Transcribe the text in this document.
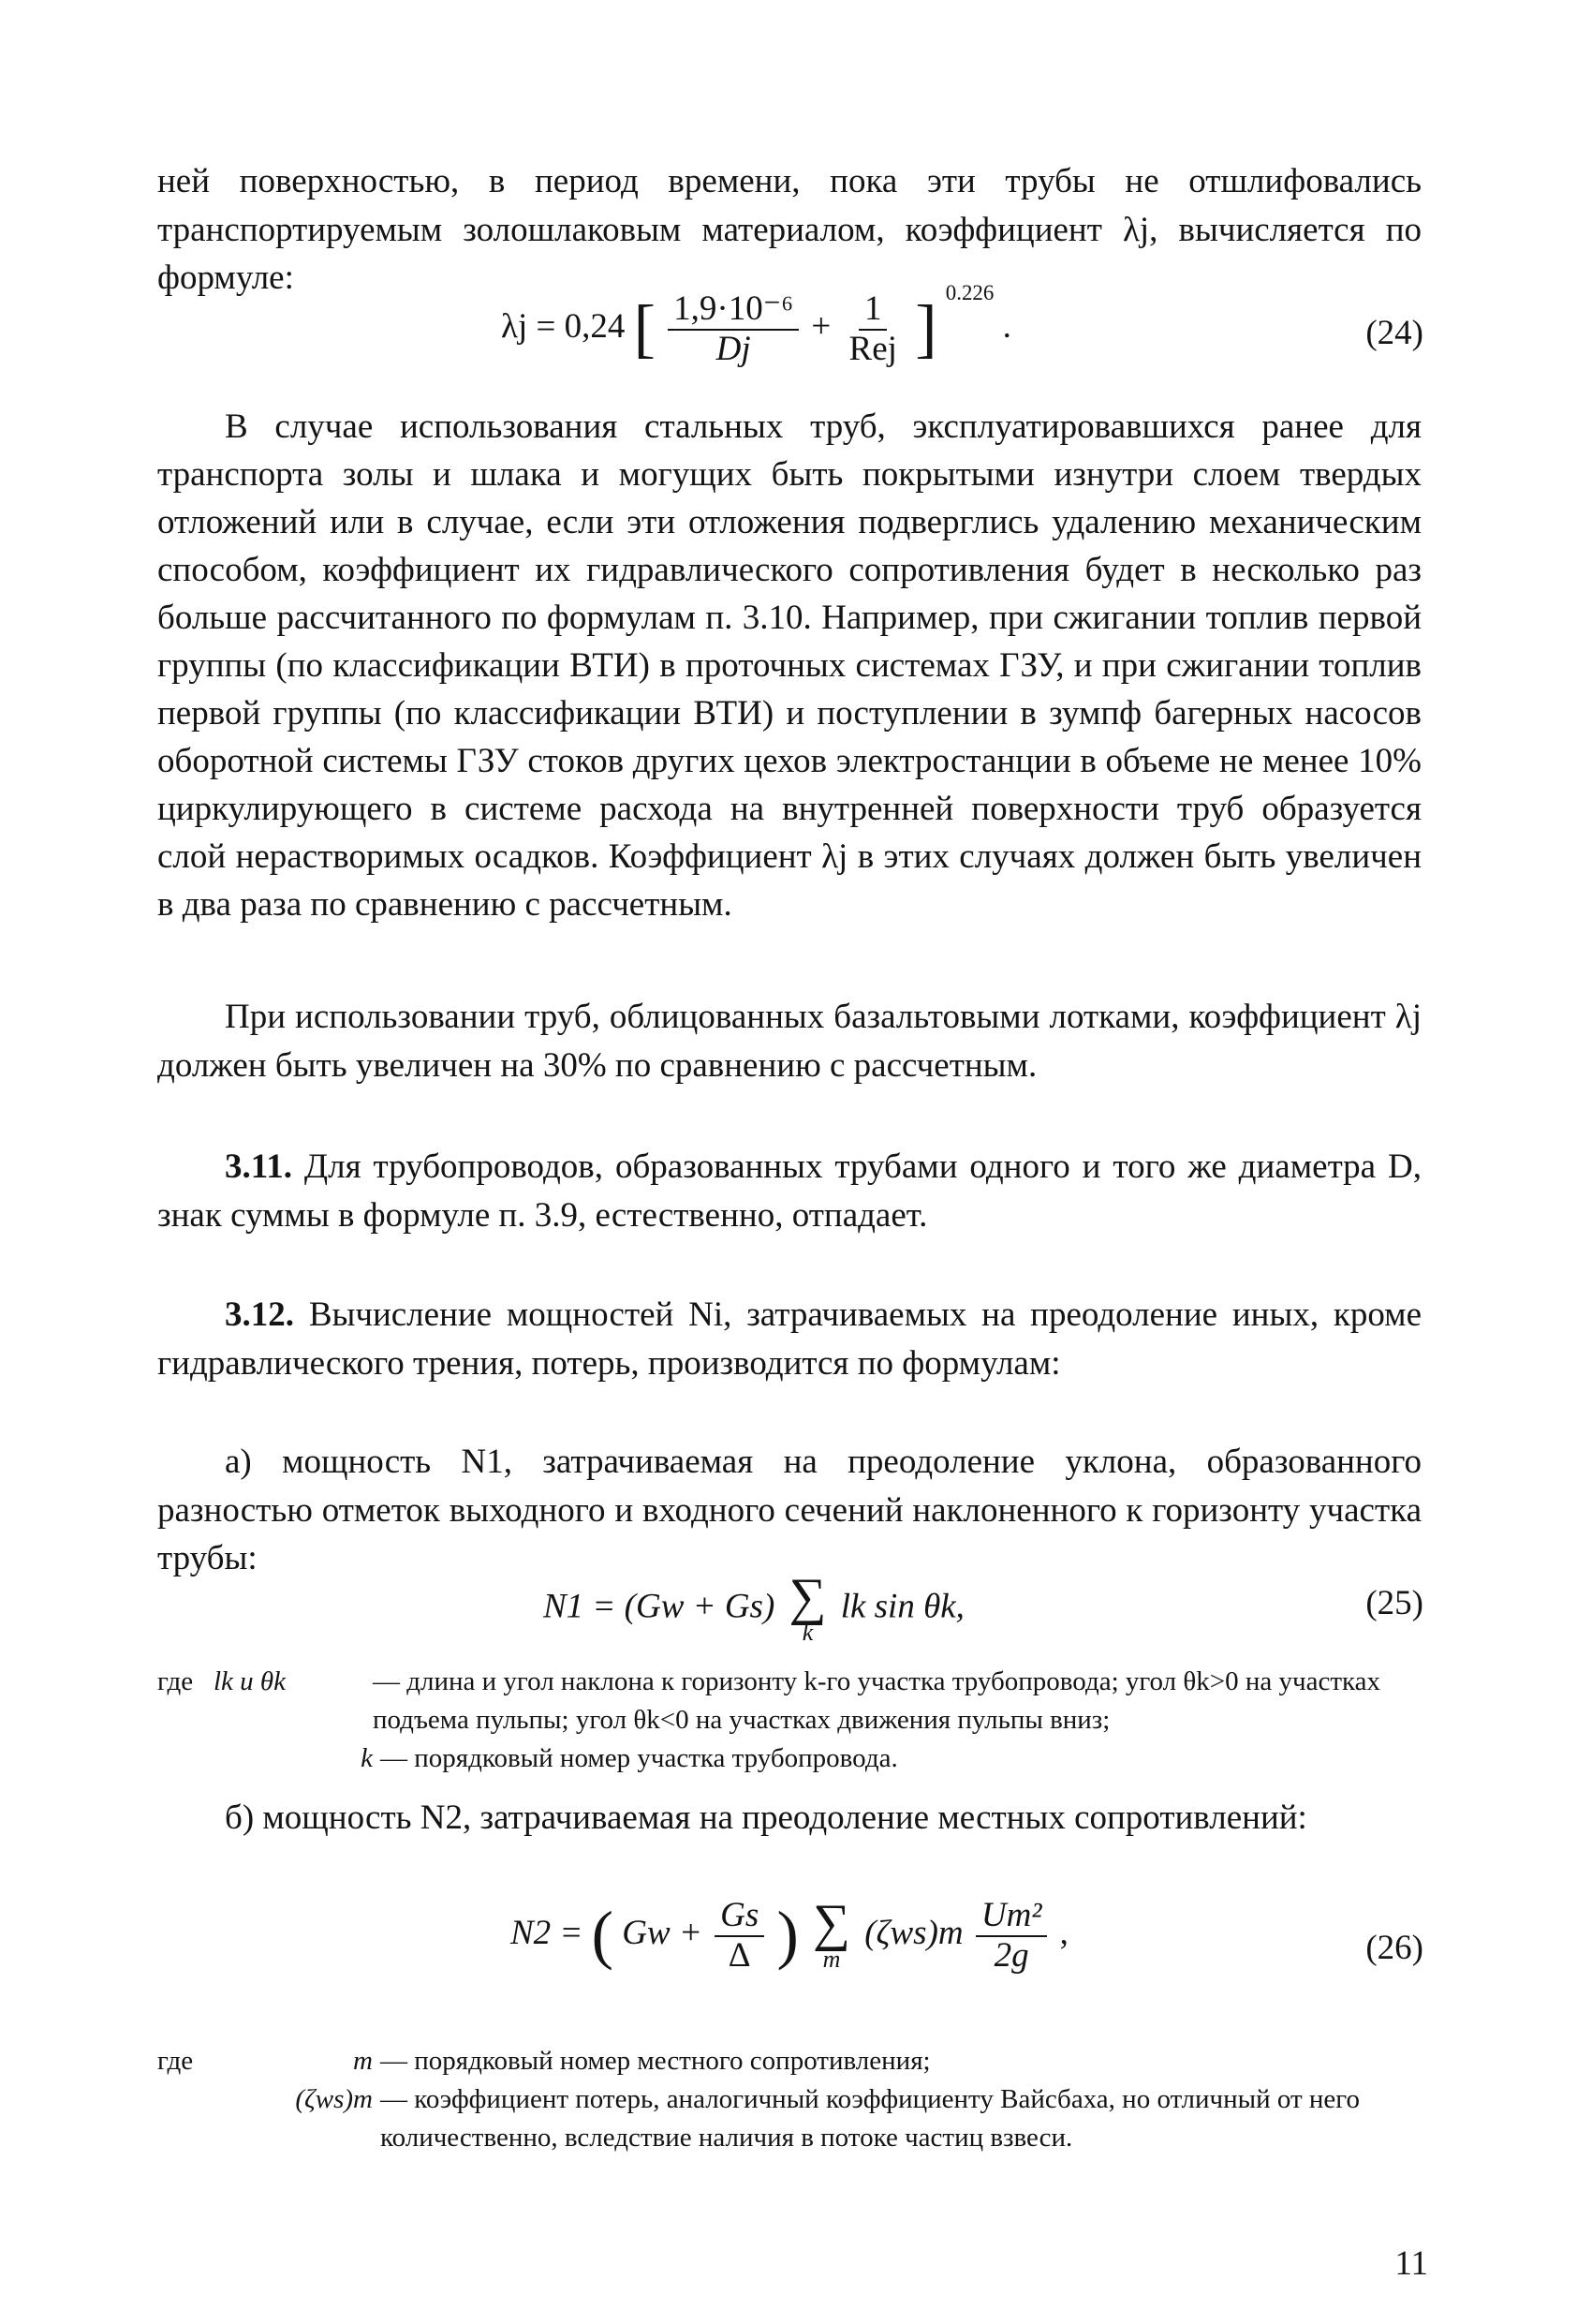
ней поверхностью, в период времени, пока эти трубы не отшлифовались транспортируемым золошлаковым материалом, коэффициент λj, вычисляется по формуле:

λj = 0,24 [ $\frac{\text{1,9·10⁻⁶}}{Dj} + \frac{1}{\text{Rej}}$ ] $^{0.226}$ .	(24)

В случае использования стальных труб, эксплуатировавшихся ранее для транспорта золы и шлака и могущих быть покрытыми изнутри слоем твердых отложений или в случае, если эти отложения подверглись удалению механическим способом, коэффициент их гидравлического сопротивления будет в несколько раз больше рассчитанного по формулам п. 3.10. Например, при сжигании топлив первой группы (по классификации ВТИ) в проточных системах ГЗУ, и при сжигании топлив первой группы (по классификации ВТИ) и поступлении в зумпф багерных насосов оборотной системы ГЗУ стоков других цехов электростанции в объеме не менее 10% циркулирующего в системе расхода на внутренней поверхности труб образуется слой нерастворимых осадков. Коэффициент λj в этих случаях должен быть увеличен в два раза по сравнению с рассчетным.

При использовании труб, облицованных базальтовыми лотками, коэффициент λj должен быть увеличен на 30% по сравнению с рассчетным.

3.11. Для трубопроводов, образованных трубами одного и того же диаметра D, знак суммы в формуле п. 3.9, естественно, отпадает.

3.12. Вычисление мощностей Ni, затрачиваемых на преодоление иных, кроме гидравлического трения, потерь, производится по формулам:

а) мощность N1, затрачиваемая на преодоление уклона, образованного разностью отметок выходного и входного сечений наклоненного к горизонту участка трубы:

N1 = (Gw + Gs) ∑
k
lk sin θk,	(25)
где lk и θk	— длина и угол наклона к горизонту k-го участка трубопровода; угол θk>0 на участках подъема пульпы; угол θk<0 на участках движения пульпы вниз;
k — порядковый номер участка трубопровода.

б) мощность N2, затрачиваемая на преодоление местных сопротивлений:

N2 = ( $Gw + \frac{Gs}{\Delta}$ ) ∑
m
$(\zeta ws)m \frac{\text{Um²}}{2g}$ ,	(26)
где	m — порядковый номер местного сопротивления;
(ζws)m — коэффициент потерь, аналогичный коэффициенту Вайсбаха, но отличный от него количественно, вследствие наличия в потоке частиц взвеси.
11
